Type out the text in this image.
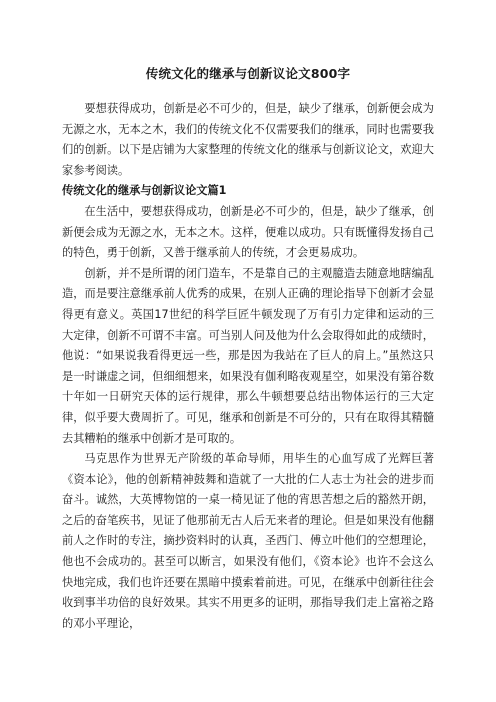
传统文化的继承与创新议论文800字

要想获得成功，创新是必不可少的，但是，缺少了继承，创新便会成为无源之水，无本之木，我们的传统文化不仅需要我们的继承，同时也需要我们的创新。以下是店铺为大家整理的传统文化的继承与创新议论文，欢迎大家参考阅读。

传统文化的继承与创新议论文篇1

在生活中，要想获得成功，创新是必不可少的，但是，缺少了继承，创新便会成为无源之水，无本之木。这样，便难以成功。只有既懂得发扬自己的特色，勇于创新，又善于继承前人的传统，才会更易成功。

创新，并不是所谓的闭门造车，不是靠自己的主观臆造去随意地瞎编乱造，而是要注意继承前人优秀的成果，在别人正确的理论指导下创新才会显得更有意义。英国17世纪的科学巨匠牛顿发现了万有引力定律和运动的三大定律，创新不可谓不丰富。可当别人问及他为什么会取得如此的成绩时，他说：“如果说我看得更远一些，那是因为我站在了巨人的肩上。”虽然这只是一时谦虚之词，但细细想来，如果没有伽利略夜观星空，如果没有第谷数十年如一日研究天体的运行规律，那么牛顿想要总结出物体运行的三大定律，似乎要大费周折了。可见，继承和创新是不可分的，只有在取得其精髓去其糟粕的继承中创新才是可取的。

马克思作为世界无产阶级的革命导师，用毕生的心血写成了光辉巨著《资本论》，他的创新精神鼓舞和造就了一大批的仁人志士为社会的进步而奋斗。诚然，大英博物馆的一桌一椅见证了他的宵思苦想之后的豁然开朗，之后的奋笔疾书，见证了他那前无古人后无来者的理论。但是如果没有他翻前人之作时的专注，摘抄资料时的认真，圣西门、傅立叶他们的空想理论，他也不会成功的。甚至可以断言，如果没有他们，《资本论》也许不会这么快地完成，我们也许还要在黑暗中摸索着前进。可见，在继承中创新往往会收到事半功倍的良好效果。其实不用更多的证明，那指导我们走上富裕之路的邓小平理论，
